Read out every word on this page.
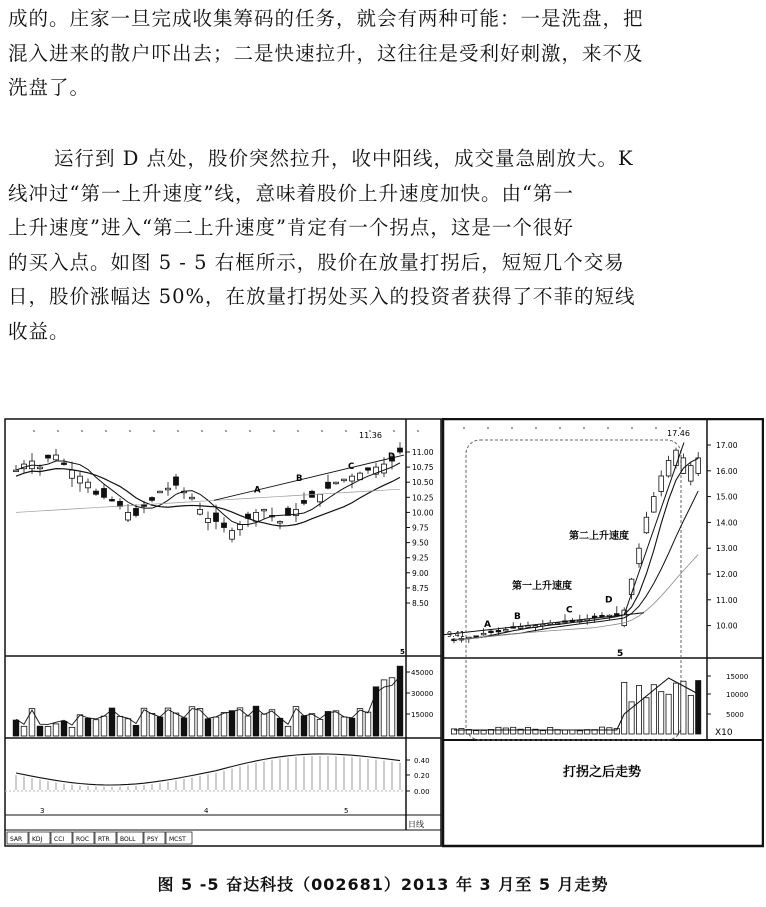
成的。庄家一旦完成收集筹码的任务，就会有两种可能：一是洗盘，把
混入进来的散户吓出去；二是快速拉升，这往往是受利好刺激，来不及
洗盘了。
运行到 D 点处，股价突然拉升，收中阳线，成交量急剧放大。K
线冲过“第一上升速度”线，意味着股价上升速度加快。由“第一
上升速度”进入“第二上升速度”肯定有一个拐点，这是一个很好
的买入点。如图 5 - 5 右框所示，股价在放量打拐后，短短几个交易
日，股价涨幅达 50%，在放量打拐处买入的投资者获得了不菲的短线
收益。
11.00
10.75
10.50
10.25
10.00
9.75
9.50
9.25
9.00
8.75
8.50
A
B
C
D
5
45000
30000
15000
0.40
0.20
0.00
3	4	5
17.00
16.00
15.00
14.00
13.00
12.00
11.00
10.00
A
B
C
D
15000
10000
5000
11.36	17.46
9.41
第二上升速度
第一上升速度
X10
5
打拐之后走势
日线
SAR KDJ CCI ROC RTR BOLL PSY MCST
图 5 -5 奋达科技（002681）2013 年 3 月至 5 月走势
